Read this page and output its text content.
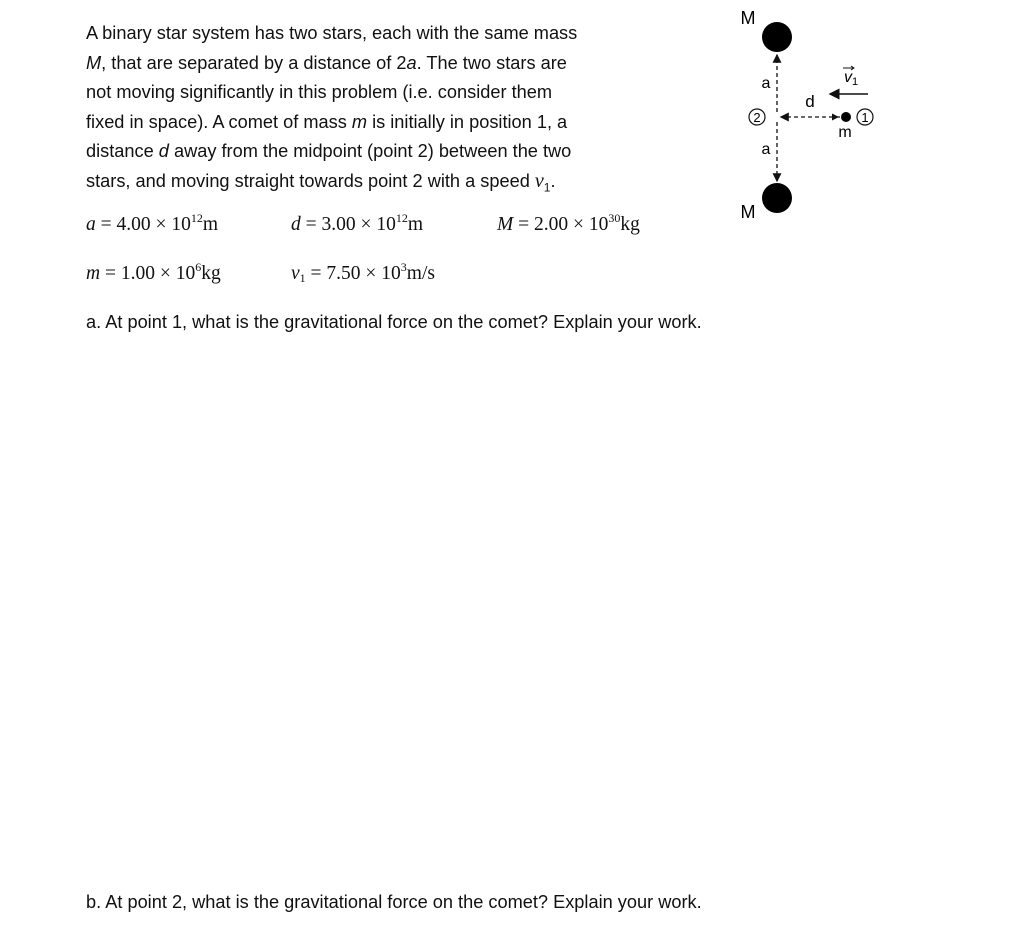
A binary star system has two stars, each with the same mass
M, that are separated by a distance of 2a. The two stars are
not moving significantly in this problem (i.e. consider them
fixed in space). A comet of mass m is initially in position 1, a
distance d away from the midpoint (point 2) between the two
stars, and moving straight towards point 2 with a speed $v_1$.
$a = 4.00 \times 10^{12}m$	$d = 3.00 \times 10^{12}m$	$M = 2.00 \times 10^{30}kg$
$m = 1.00 \times 10^6kg$	$v_1 = 7.50 \times 10^3m/s$
a. At point 1, what is the gravitational force on the comet? Explain your work.
b. At point 2, what is the gravitational force on the comet? Explain your work.
M
M
a
a
2
d
m
1
v1
